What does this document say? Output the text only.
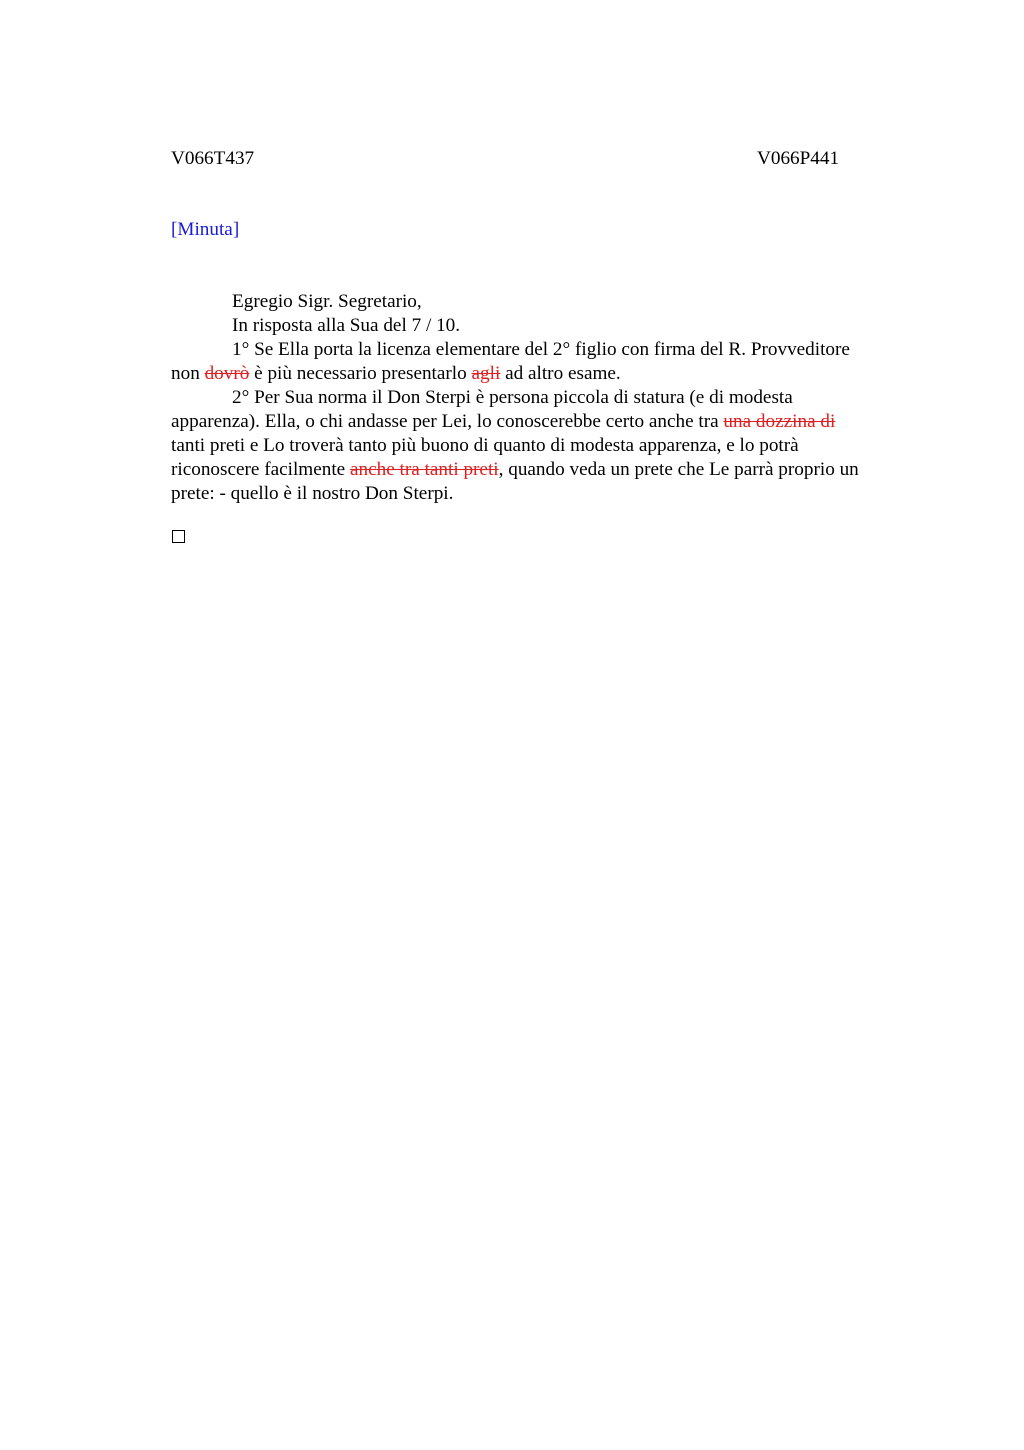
V066T437	V066P441
[Minuta]
Egregio Sigr. Segretario,
In risposta alla Sua del 7 / 10.
1° Se Ella porta la licenza elementare del 2° figlio con firma del R. Provveditore
non dovrò è più necessario presentarlo agli ad altro esame.
2° Per Sua norma il Don Sterpi è persona piccola di statura (e di modesta
apparenza). Ella, o chi andasse per Lei, lo conoscerebbe certo anche tra una dozzina di
tanti preti e Lo troverà tanto più buono di quanto di modesta apparenza, e lo potrà
riconoscere facilmente anche tra tanti preti, quando veda un prete che Le parrà proprio un
prete: - quello è il nostro Don Sterpi.
